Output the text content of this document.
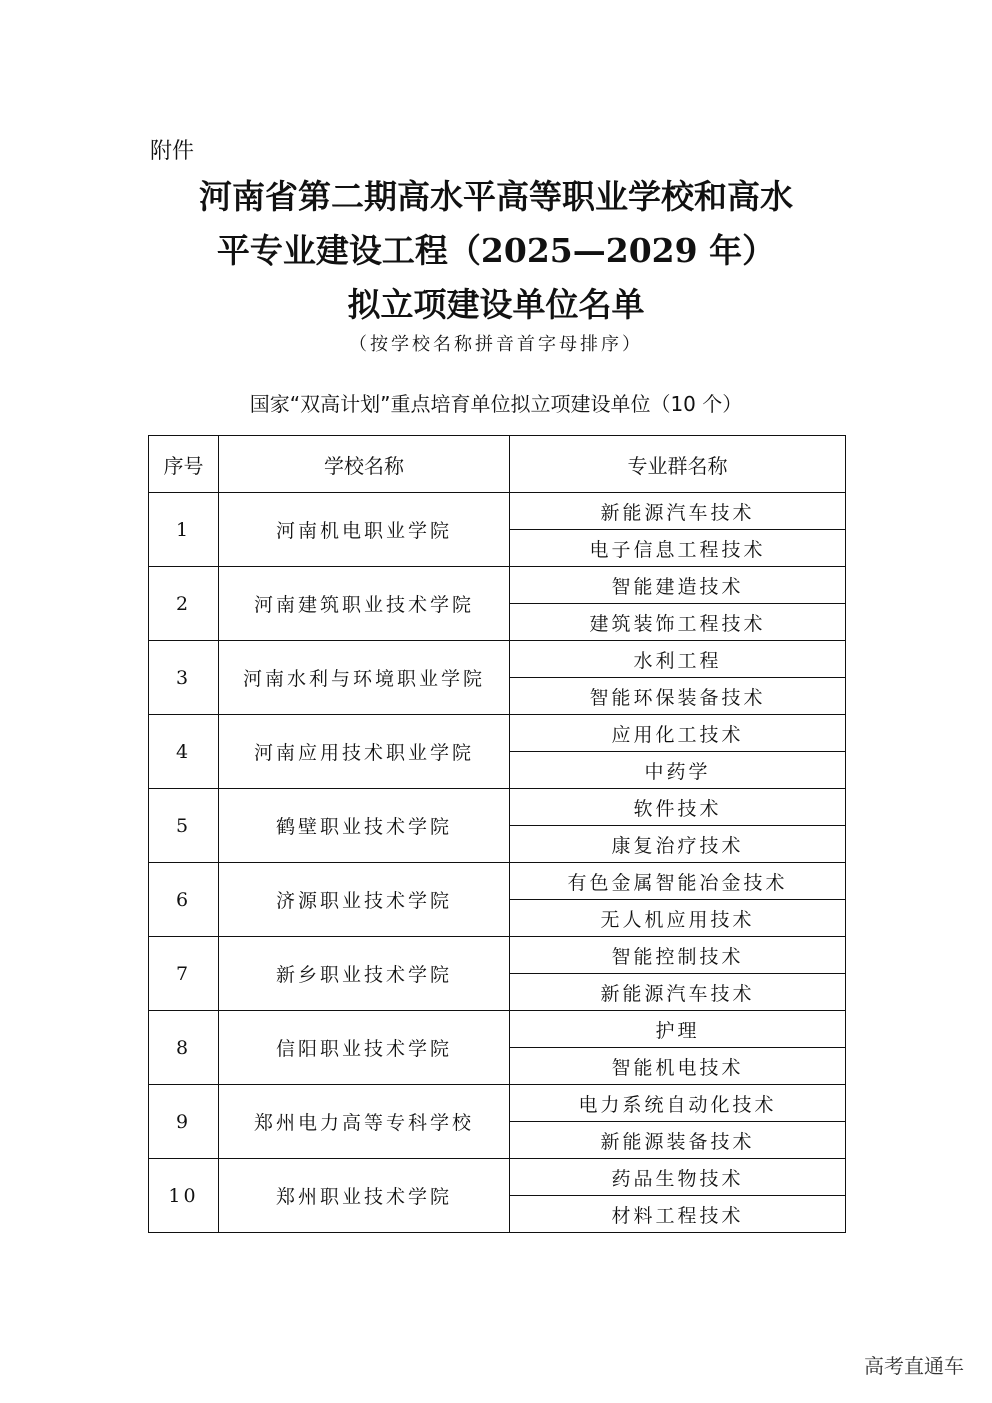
附件
河南省第二期高水平高等职业学校和高水
平专业建设工程（2025—2029 年）
拟立项建设单位名单
（按学校名称拼音首字母排序）
国家“双高计划”重点培育单位拟立项建设单位（10 个）
序号	学校名称	专业群名称
1	河南机电职业学院	新能源汽车技术
		电子信息工程技术
2	河南建筑职业技术学院	智能建造技术
		建筑装饰工程技术
3	河南水利与环境职业学院	水利工程
		智能环保装备技术
4	河南应用技术职业学院	应用化工技术
		中药学
5	鹤壁职业技术学院	软件技术
		康复治疗技术
6	济源职业技术学院	有色金属智能冶金技术
		无人机应用技术
7	新乡职业技术学院	智能控制技术
		新能源汽车技术
8	信阳职业技术学院	护理
		智能机电技术
9	郑州电力高等专科学校	电力系统自动化技术
		新能源装备技术
10	郑州职业技术学院	药品生物技术
		材料工程技术
高考直通车
